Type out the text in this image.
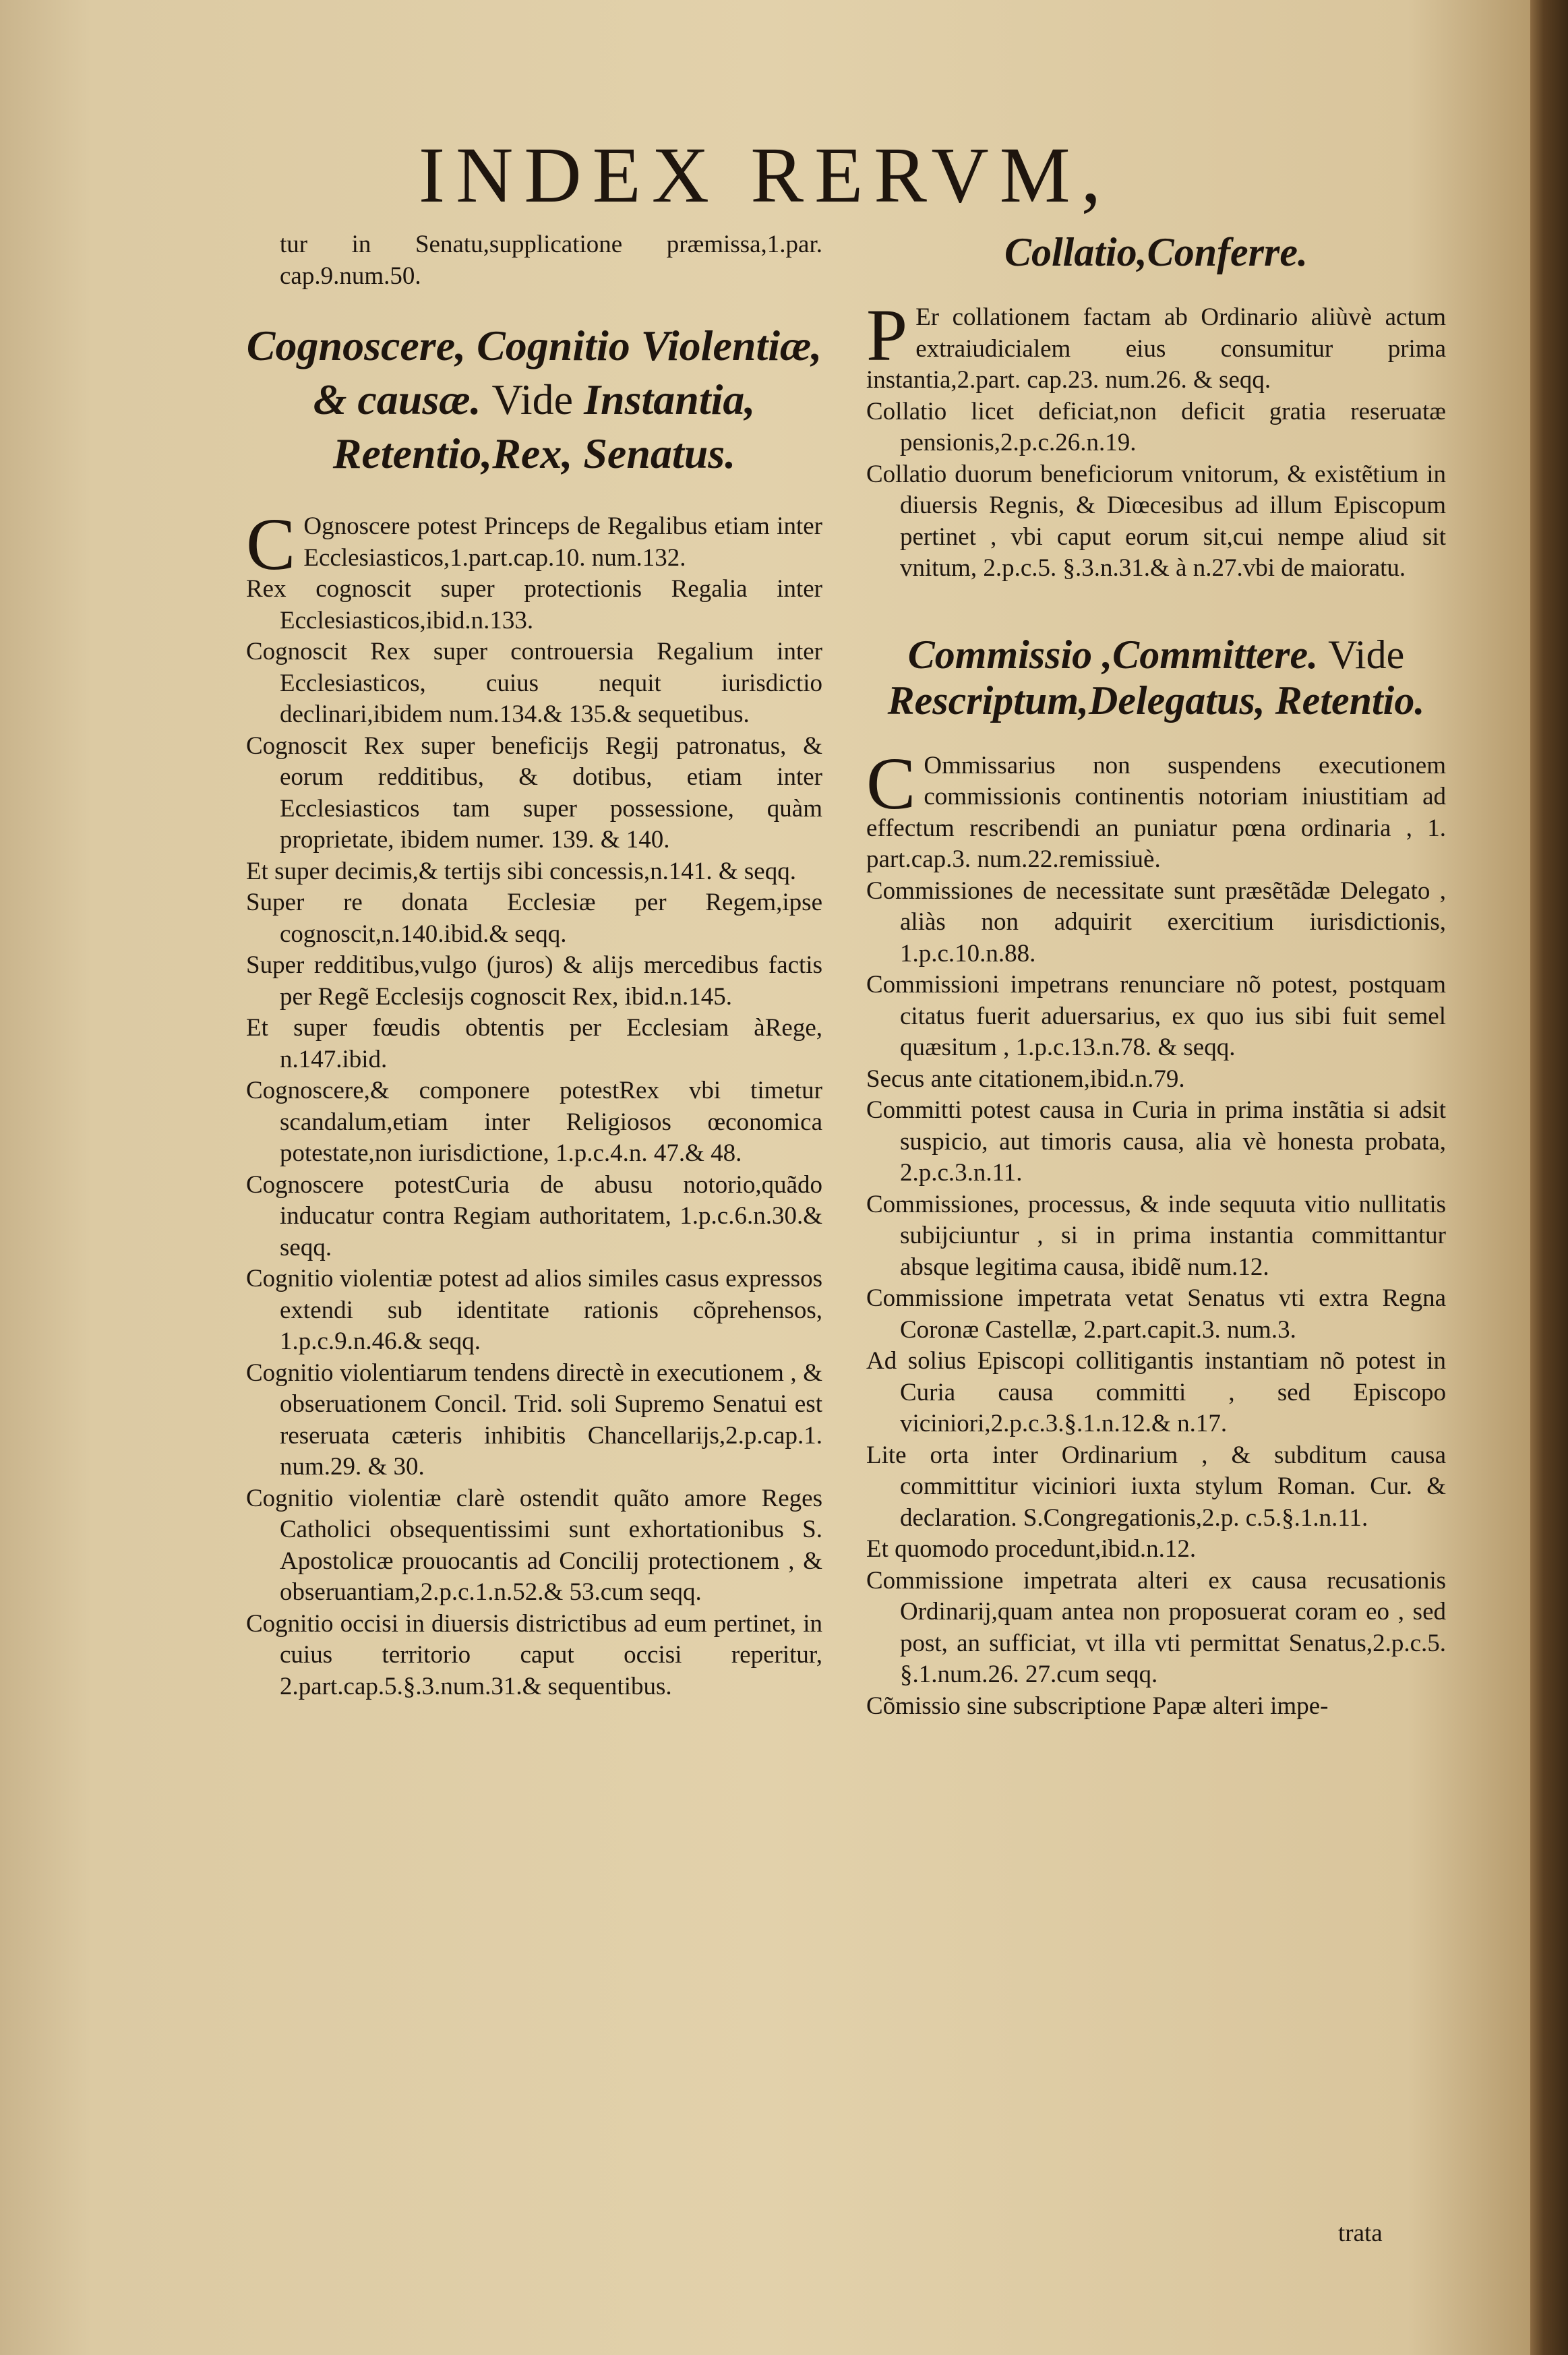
INDEX RERVM,

tur in Senatu,supplicatione præmissa,1.par. cap.9.num.50.

Cognoscere, Cognitio Violentiæ, & causæ. Vide Instantia, Retentio,Rex, Senatus.

C Ognoscere potest Princeps de Regalibus etiam inter Ecclesiasticos,1.part.cap.10. num.132.

Rex cognoscit super protectionis Regalia inter Ecclesiasticos,ibid.n.133.

Cognoscit Rex super controuersia Regalium inter Ecclesiasticos, cuius nequit iurisdictio declinari,ibidem num.134.& 135.& sequetibus.

Cognoscit Rex super beneficijs Regij patronatus, & eorum redditibus, & dotibus, etiam inter Ecclesiasticos tam super possessione, quàm proprietate, ibidem numer. 139. & 140.

Et super decimis,& tertijs sibi concessis,n.141. & seqq.

Super re donata Ecclesiæ per Regem,ipse cognoscit,n.140.ibid.& seqq.

Super redditibus,vulgo (juros) & alijs mercedibus factis per Regẽ Ecclesijs cognoscit Rex, ibid.n.145.

Et super fœudis obtentis per Ecclesiam àRege, n.147.ibid.

Cognoscere,& componere potestRex vbi timetur scandalum,etiam inter Religiosos œconomica potestate,non iurisdictione, 1.p.c.4.n. 47.& 48.

Cognoscere potestCuria de abusu notorio,quãdo inducatur contra Regiam authoritatem, 1.p.c.6.n.30.& seqq.

Cognitio violentiæ potest ad alios similes casus expressos extendi sub identitate rationis cõprehensos, 1.p.c.9.n.46.& seqq.

Cognitio violentiarum tendens directè in executionem , & obseruationem Concil. Trid. soli Supremo Senatui est reseruata cæteris inhibitis Chancellarijs,2.p.cap.1. num.29. & 30.

Cognitio violentiæ clarè ostendit quãto amore Reges Catholici obsequentissimi sunt exhortationibus S. Apostolicæ prouocantis ad Concilij protectionem , & obseruantiam,2.p.c.1.n.52.& 53.cum seqq.

Cognitio occisi in diuersis districtibus ad eum pertinet, in cuius territorio caput occisi reperitur, 2.part.cap.5.§.3.num.31.& sequentibus.

Collatio,Conferre.

P Er collationem factam ab Ordinario aliùvè actum extraiudicialem eius consumitur prima instantia,2.part. cap.23. num.26. & seqq.

Collatio licet deficiat,non deficit gratia reseruatæ pensionis,2.p.c.26.n.19.

Collatio duorum beneficiorum vnitorum, & existẽtium in diuersis Regnis, & Diœcesibus ad illum Episcopum pertinet , vbi caput eorum sit,cui nempe aliud sit vnitum, 2.p.c.5. §.3.n.31.& à n.27.vbi de maioratu.

Commissio ,Committere. Vide Rescriptum,Delegatus, Retentio.

C Ommissarius non suspendens executionem commissionis continentis notoriam iniustitiam ad effectum rescribendi an puniatur pœna ordinaria , 1. part.cap.3. num.22.remissiuè.

Commissiones de necessitate sunt præsẽtãdæ Delegato , aliàs non adquirit exercitium iurisdictionis, 1.p.c.10.n.88.

Commissioni impetrans renunciare nõ potest, postquam citatus fuerit aduersarius, ex quo ius sibi fuit semel quæsitum , 1.p.c.13.n.78. & seqq.

Secus ante citationem,ibid.n.79.

Committi potest causa in Curia in prima instãtia si adsit suspicio, aut timoris causa, alia vè honesta probata, 2.p.c.3.n.11.

Commissiones, processus, & inde sequuta vitio nullitatis subijciuntur , si in prima instantia committantur absque legitima causa, ibidẽ num.12.

Commissione impetrata vetat Senatus vti extra Regna Coronæ Castellæ, 2.part.capit.3. num.3.

Ad solius Episcopi collitigantis instantiam nõ potest in Curia causa committi , sed Episcopo viciniori,2.p.c.3.§.1.n.12.& n.17.

Lite orta inter Ordinarium , & subditum causa committitur viciniori iuxta stylum Roman. Cur. & declaration. S.Congregationis,2.p. c.5.§.1.n.11.

Et quomodo procedunt,ibid.n.12.

Commissione impetrata alteri ex causa recusationis Ordinarij,quam antea non proposuerat coram eo , sed post, an sufficiat, vt illa vti permittat Senatus,2.p.c.5. §.1.num.26. 27.cum seqq.

Cõmissio sine subscriptione Papæ alteri impe-

trata
